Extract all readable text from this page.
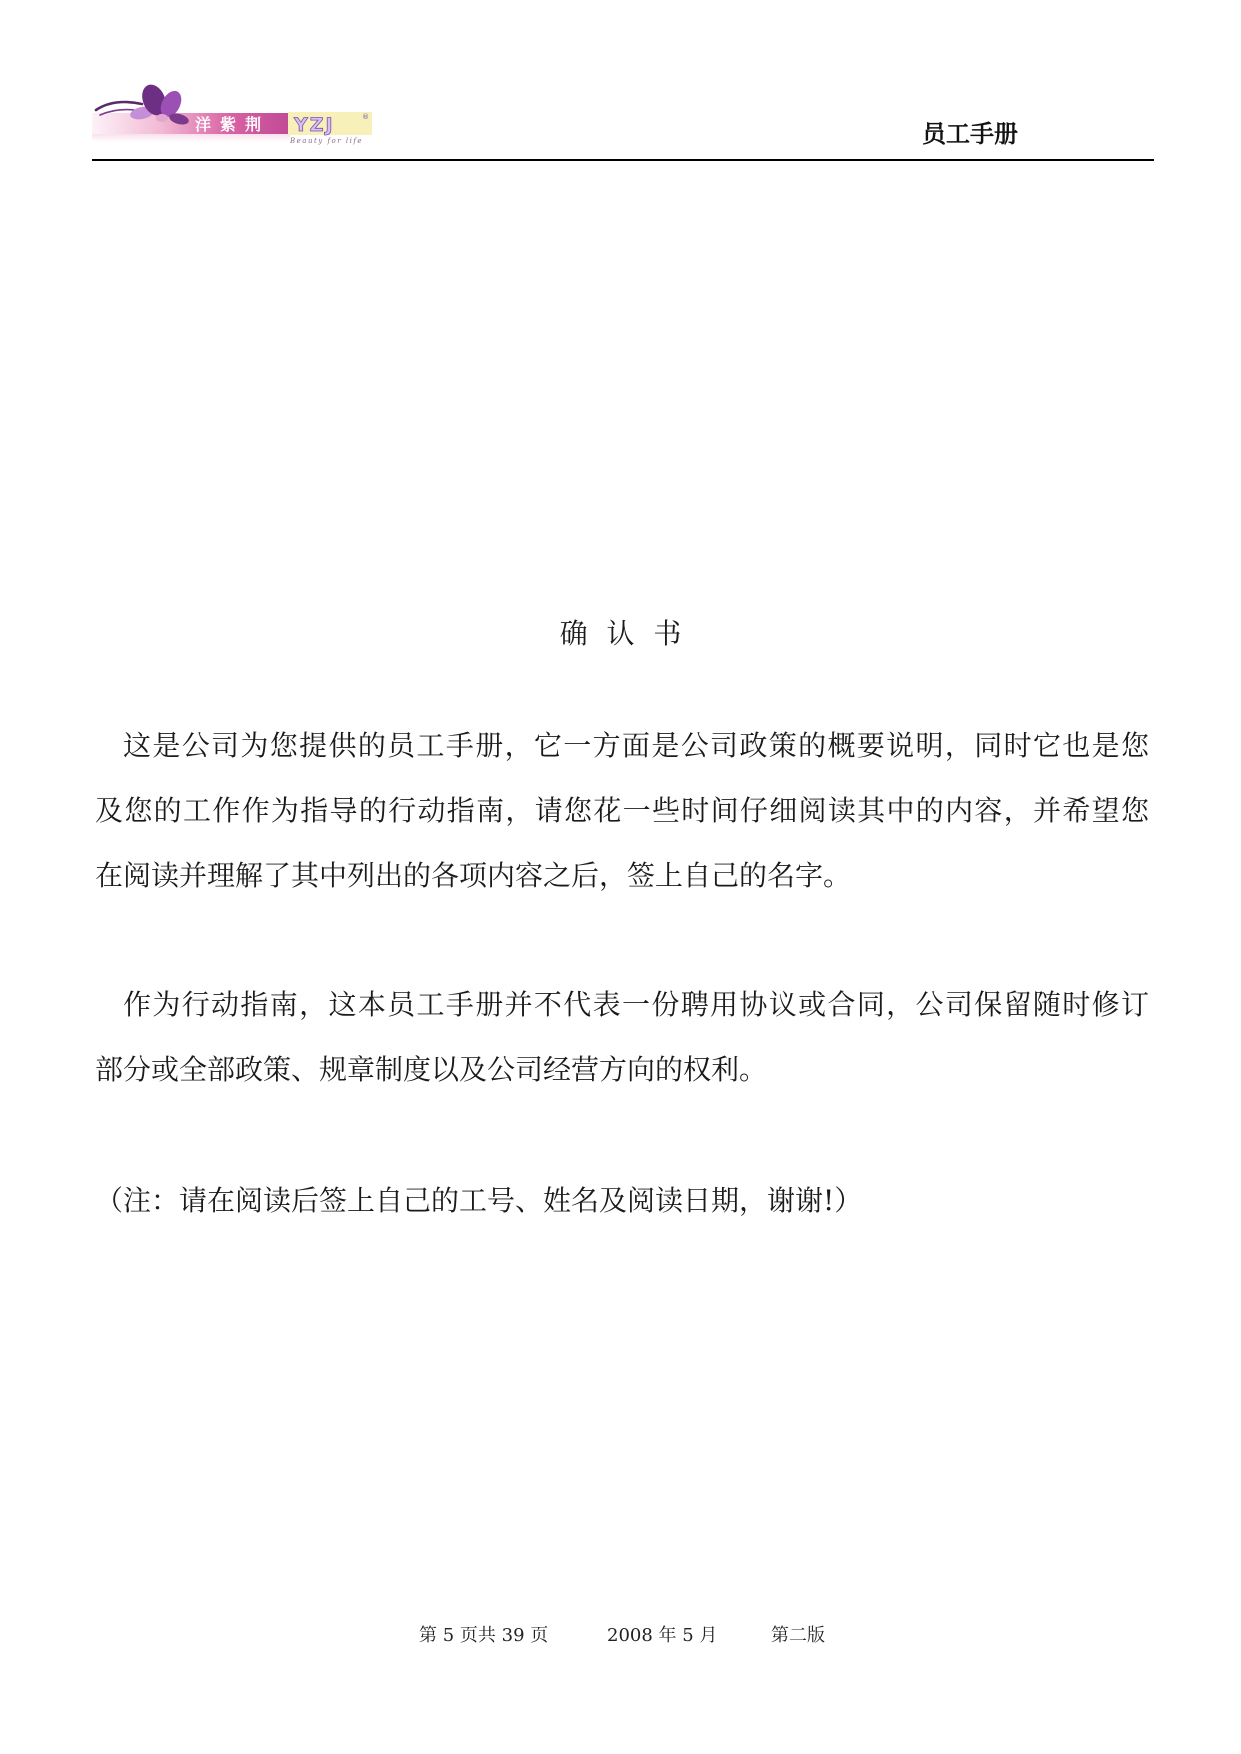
洋紫荆 YZJ	®
Beauty for life	员工手册
确 认 书
这是公司为您提供的员工手册，它一方面是公司政策的概要说明，同时它也是您
及您的工作作为指导的行动指南，请您花一些时间仔细阅读其中的内容，并希望您
在阅读并理解了其中列出的各项内容之后，签上自己的名字。
作为行动指南，这本员工手册并不代表一份聘用协议或合同，公司保留随时修订
部分或全部政策、规章制度以及公司经营方向的权利。
（注：请在阅读后签上自己的工号、姓名及阅读日期，谢谢!）
第 5 页共 39 页	2008 年 5 月	第二版
